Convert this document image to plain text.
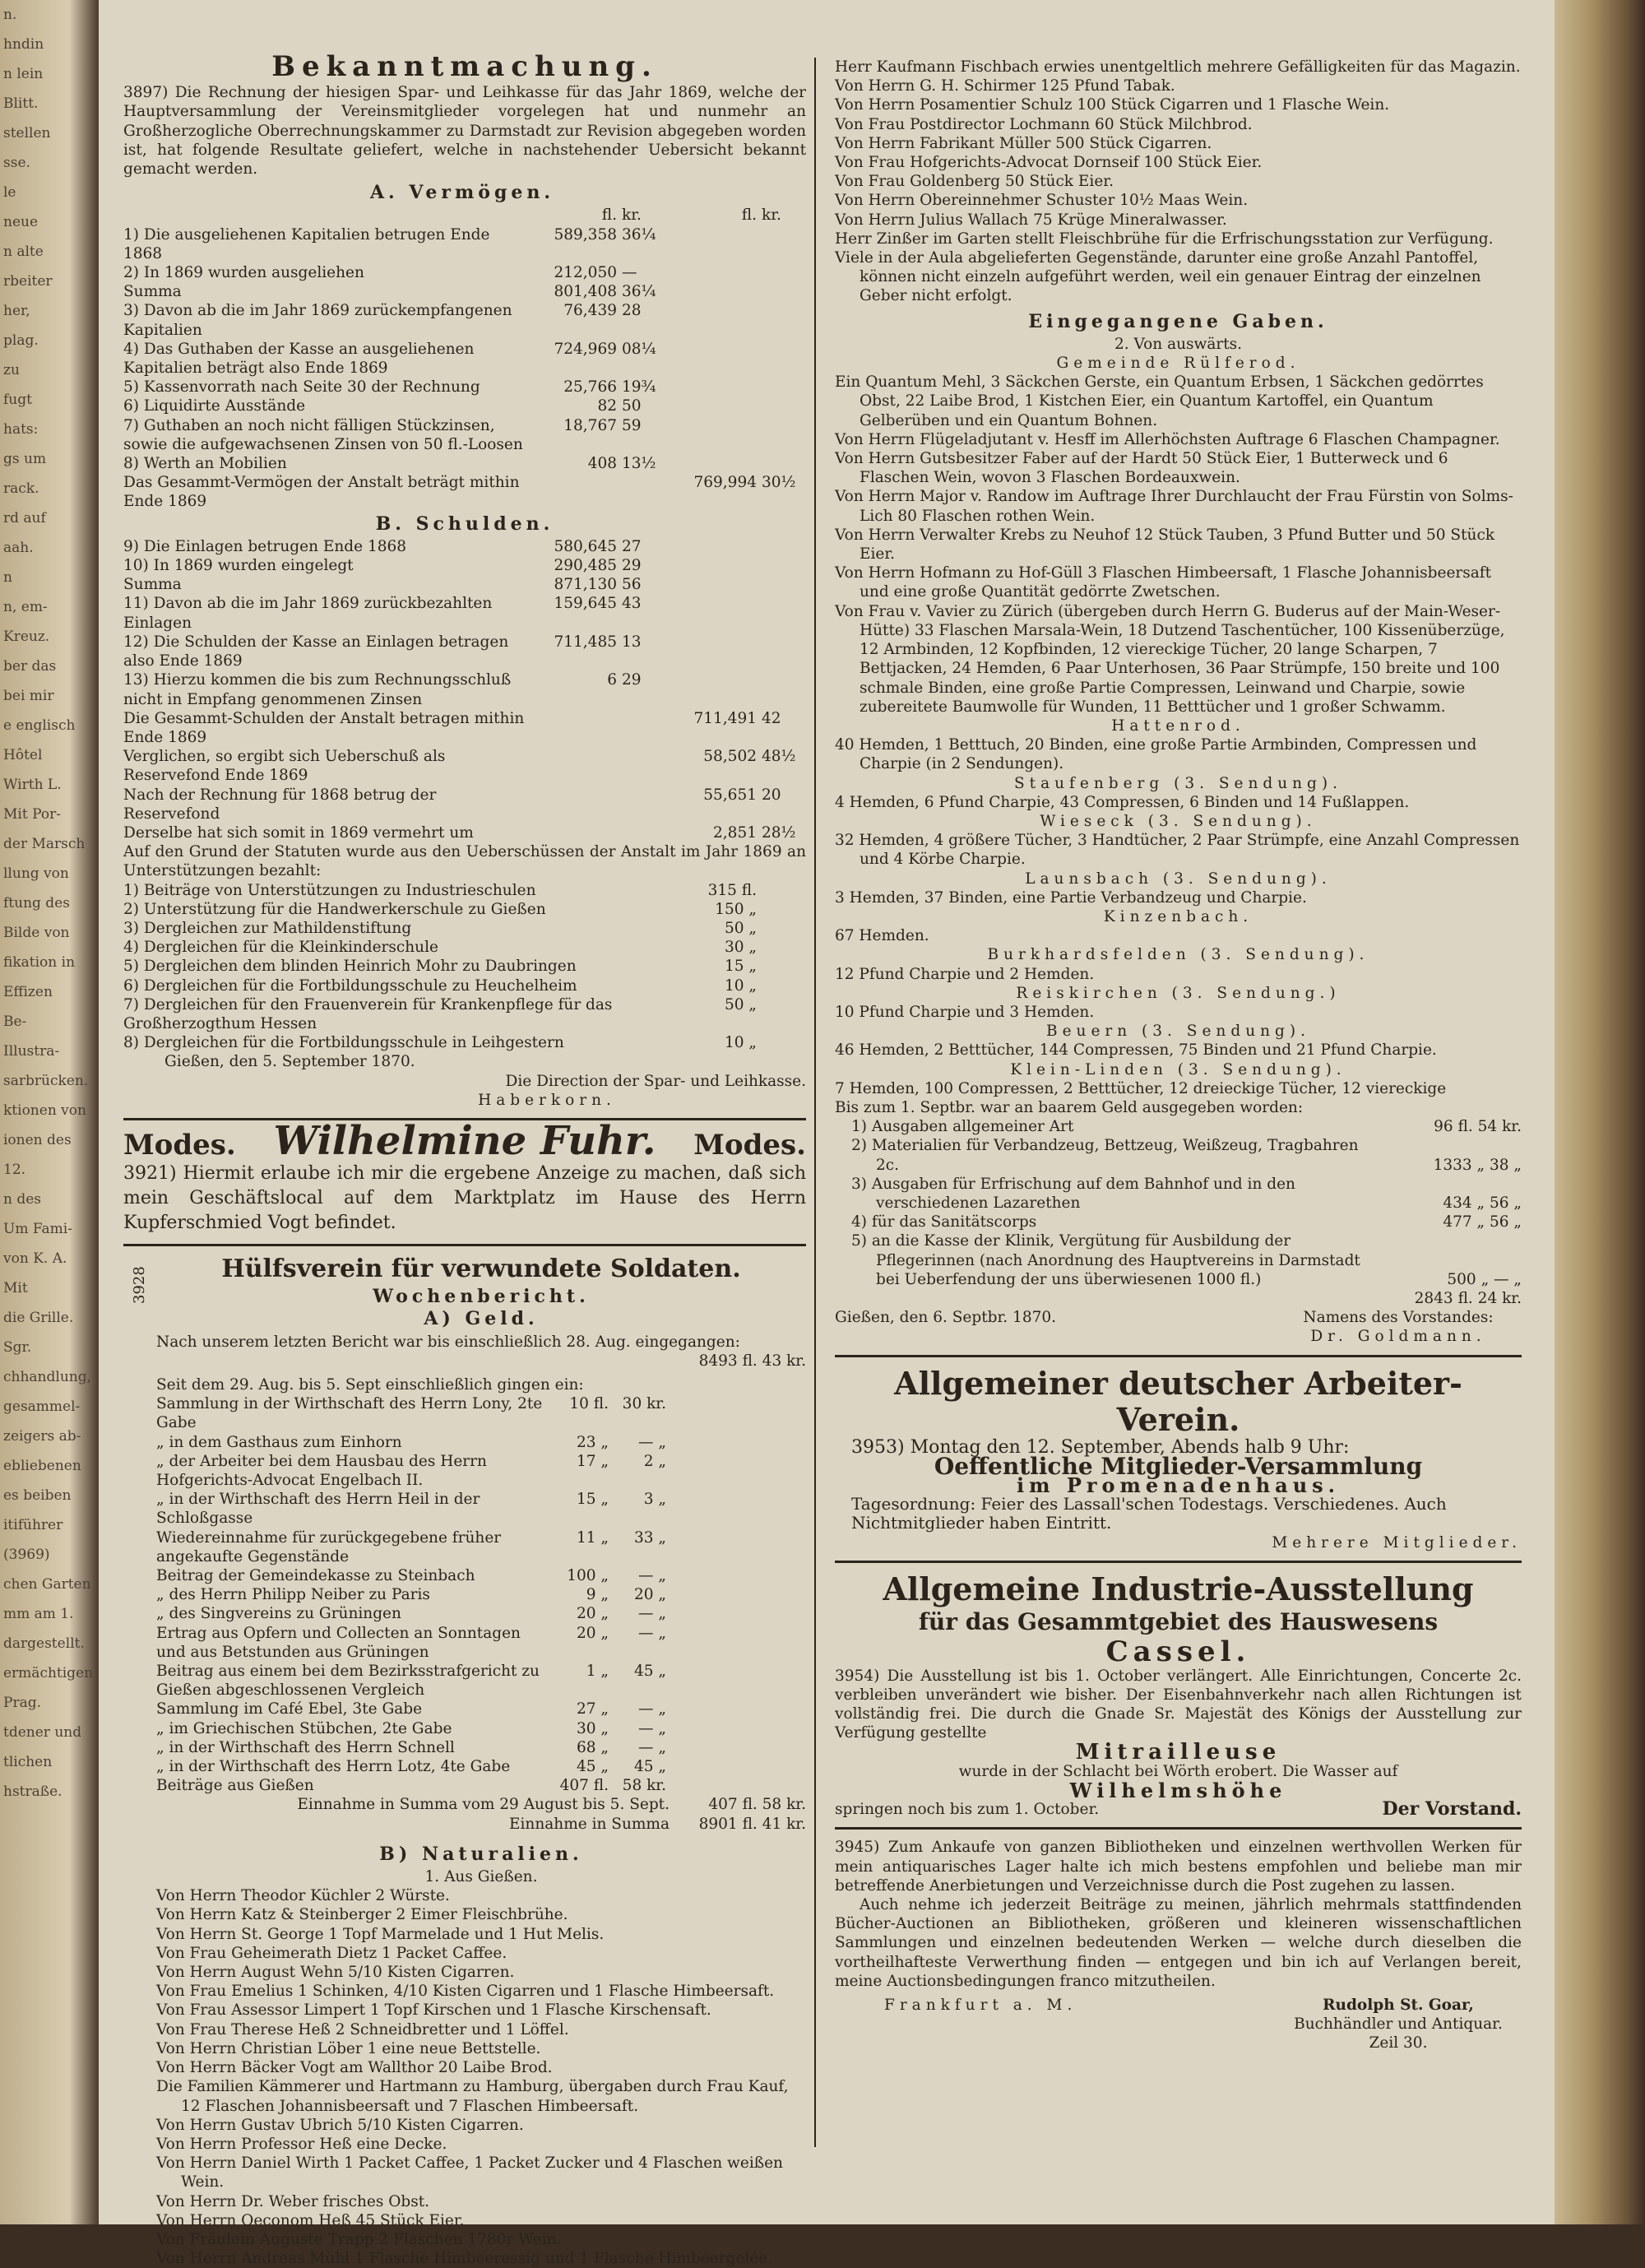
n.
hndin
n lein
Blitt.
stellen
sse.
le
neue
n alte
rbeiter
her,
plag.
zu
fugt
hats:
gs um
rack.
rd auf
aah.
n
n, em-
Kreuz.
ber das
bei mir
e englisch
Hôtel
Wirth L.
Mit Por-
der Marsch
llung von
ftung des
Bilde von
fikation in
Effizen
Be-
Illustra-
sarbrücken.
ktionen von
ionen des
12.
n des
Um Fami-
von K. A.
Mit
die Grille.
Sgr.
chhandlung,
gesammel-
zeigers ab-
ebliebenen
es beiben
itiführer
(3969)
chen Garten
mm am 1.
dargestellt.
ermächtigen
Prag.
tdener und
tlichen
hstraße.
Bekanntmachung.

3897) Die Rechnung der hiesigen Spar- und Leihkasse für das Jahr 1869, welche der Hauptversammlung der Vereinsmitglieder vorgelegen hat und nunmehr an Großherzogliche Oberrechnungskammer zu Darmstadt zur Revision abgegeben worden ist, hat folgende Resultate geliefert, welche in nachstehender Uebersicht bekannt gemacht werden.

A. Vermögen.
fl. kr.	fl. kr.
1) Die ausgeliehenen Kapitalien betrugen Ende 1868
589,358 36¼
2) In 1869 wurden ausgeliehen	212,050 —
Summa	801,408 36¼
3) Davon ab die im Jahr 1869 zurückempfangenen Kapitalien
76,439 28
4) Das Guthaben der Kasse an ausgeliehenen Kapitalien beträgt also Ende 1869
724,969 08¼
5) Kassenvorrath nach Seite 30 der Rechnung	25,766 19¾
6) Liquidirte Ausstände	82 50
7) Guthaben an noch nicht fälligen Stückzinsen, sowie die aufgewachsenen Zinsen von 50 fl.-Loosen
18,767 59
8) Werth an Mobilien	408 13½
Das Gesammt-Vermögen der Anstalt beträgt mithin Ende 1869
769,994 30½
B. Schulden.
9) Die Einlagen betrugen Ende 1868	580,645 27
10) In 1869 wurden eingelegt	290,485 29
Summa	871,130 56
11) Davon ab die im Jahr 1869 zurückbezahlten Einlagen
159,645 43
12) Die Schulden der Kasse an Einlagen betragen also Ende 1869
711,485 13
13) Hierzu kommen die bis zum Rechnungsschluß nicht in Empfang genommenen Zinsen
6 29
Die Gesammt-Schulden der Anstalt betragen mithin Ende 1869
711,491 42
Verglichen, so ergibt sich Ueberschuß als Reservefond Ende 1869
58,502 48½
Nach der Rechnung für 1868 betrug der Reservefond
55,651 20
Derselbe hat sich somit in 1869 vermehrt um	2,851 28½

Auf den Grund der Statuten wurde aus den Ueberschüssen der Anstalt im Jahr 1869 an Unterstützungen bezahlt:

1) Beiträge von Unterstützungen zu Industrieschulen	315 fl.
2) Unterstützung für die Handwerkerschule zu Gießen	150 „
3) Dergleichen zur Mathildenstiftung	50 „
4) Dergleichen für die Kleinkinderschule	30 „
5) Dergleichen dem blinden Heinrich Mohr zu Daubringen	15 „
6) Dergleichen für die Fortbildungsschule zu Heuchelheim	10 „
7) Dergleichen für den Frauenverein für Krankenpflege für das Großherzogthum Hessen
50 „
8) Dergleichen für die Fortbildungsschule in Leihgestern	10 „

Gießen, den 5. September 1870.

Die Direction der Spar- und Leihkasse.

Haberkorn.

Modes. Wilhelmine Fuhr. Modes.

3921) Hiermit erlaube ich mir die ergebene Anzeige zu machen, daß sich mein Geschäftslocal auf dem Marktplatz im Hause des Herrn Kupferschmied Vogt befindet.

3928	Hülfsverein für verwundete Soldaten.
Wochenbericht.
A) Geld.
Nach unserem letzten Bericht war bis einschließlich 28. Aug. eingegangen:

8493 fl. 43 kr.

Seit dem 29. Aug. bis 5. Sept einschließlich gingen ein:

Sammlung in der Wirthschaft des Herrn Lony, 2te Gabe
10 fl. 30 kr.
„ in dem Gasthaus zum Einhorn	23 „	— „
„ der Arbeiter bei dem Hausbau des Herrn Hofgerichts-Advocat Engelbach II.
17 „	2 „
„ in der Wirthschaft des Herrn Heil in der Schloßgasse
15 „	3 „
Wiedereinnahme für zurückgegebene früher angekaufte Gegenstände
11 „	33 „
Beitrag der Gemeindekasse zu Steinbach	100 „	— „
„ des Herrn Philipp Neiber zu Paris	9 „	20 „
„ des Singvereins zu Grüningen	20 „	— „
Ertrag aus Opfern und Collecten an Sonntagen und aus Betstunden aus Grüningen
20 „	— „
Beitrag aus einem bei dem Bezirksstrafgericht zu Gießen abgeschlossenen Vergleich
1 „	45 „
Sammlung im Café Ebel, 3te Gabe	27 „	— „
„ im Griechischen Stübchen, 2te Gabe	30 „	— „
„ in der Wirthschaft des Herrn Schnell	68 „	— „
„ in der Wirthschaft des Herrn Lotz, 4te Gabe	45 „	45 „
Beiträge aus Gießen	407 fl. 58 kr.
Einnahme in Summa vom 29 August bis 5. Sept.	407 fl. 58 kr.
Einnahme in Summa	8901 fl. 41 kr.
B) Naturalien.
1. Aus Gießen.

Von Herrn Theodor Küchler 2 Würste.

Von Herrn Katz & Steinberger 2 Eimer Fleischbrühe.

Von Herrn St. George 1 Topf Marmelade und 1 Hut Melis.

Von Frau Geheimerath Dietz 1 Packet Caffee.

Von Herrn August Wehn 5/10 Kisten Cigarren.

Von Frau Emelius 1 Schinken, 4/10 Kisten Cigarren und 1 Flasche Himbeersaft.

Von Frau Assessor Limpert 1 Topf Kirschen und 1 Flasche Kirschensaft.

Von Frau Therese Heß 2 Schneidbretter und 1 Löffel.

Von Herrn Christian Löber 1 eine neue Bettstelle.

Von Herrn Bäcker Vogt am Wallthor 20 Laibe Brod.

Die Familien Kämmerer und Hartmann zu Hamburg, übergaben durch Frau Kauf, 12 Flaschen Johannisbeersaft und 7 Flaschen Himbeersaft.

Von Herrn Gustav Ubrich 5/10 Kisten Cigarren.

Von Herrn Professor Heß eine Decke.

Von Herrn Daniel Wirth 1 Packet Caffee, 1 Packet Zucker und 4 Flaschen weißen Wein.

Von Herrn Dr. Weber frisches Obst.

Von Herrn Oeconom Heß 45 Stück Eier.

Von Fräulein Auguste Trapp 2 Flaschen 1780r Wein.

Von Herrn Andreas Mühl 1 Flasche Himbeeressig und 1 Flasche Himbeergelée.

Herr Kaufmann Fischbach erwies unentgeltlich mehrere Gefälligkeiten für das Magazin.

Von Herrn G. H. Schirmer 125 Pfund Tabak.

Von Herrn Posamentier Schulz 100 Stück Cigarren und 1 Flasche Wein.

Von Frau Postdirector Lochmann 60 Stück Milchbrod.

Von Herrn Fabrikant Müller 500 Stück Cigarren.

Von Frau Hofgerichts-Advocat Dornseif 100 Stück Eier.

Von Frau Goldenberg 50 Stück Eier.

Von Herrn Obereinnehmer Schuster 10½ Maas Wein.

Von Herrn Julius Wallach 75 Krüge Mineralwasser.

Herr Zinßer im Garten stellt Fleischbrühe für die Erfrischungsstation zur Verfügung.

Viele in der Aula abgelieferten Gegenstände, darunter eine große Anzahl Pantoffel, können nicht einzeln aufgeführt werden, weil ein genauer Eintrag der einzelnen Geber nicht erfolgt.

Eingegangene Gaben.
2. Von auswärts.
Gemeinde Rülferod.

Ein Quantum Mehl, 3 Säckchen Gerste, ein Quantum Erbsen, 1 Säckchen gedörrtes Obst, 22 Laibe Brod, 1 Kistchen Eier, ein Quantum Kartoffel, ein Quantum Gelberüben und ein Quantum Bohnen.

Von Herrn Flügeladjutant v. Hesff im Allerhöchsten Auftrage 6 Flaschen Champagner.

Von Herrn Gutsbesitzer Faber auf der Hardt 50 Stück Eier, 1 Butterweck und 6 Flaschen Wein, wovon 3 Flaschen Bordeauxwein.

Von Herrn Major v. Randow im Auftrage Ihrer Durchlaucht der Frau Fürstin von Solms-Lich 80 Flaschen rothen Wein.

Von Herrn Verwalter Krebs zu Neuhof 12 Stück Tauben, 3 Pfund Butter und 50 Stück Eier.

Von Herrn Hofmann zu Hof-Güll 3 Flaschen Himbeersaft, 1 Flasche Johannisbeersaft und eine große Quantität gedörrte Zwetschen.

Von Frau v. Vavier zu Zürich (übergeben durch Herrn G. Buderus auf der Main-Weser-Hütte) 33 Flaschen Marsala-Wein, 18 Dutzend Taschentücher, 100 Kissenüberzüge, 12 Armbinden, 12 Kopfbinden, 12 viereckige Tücher, 20 lange Scharpen, 7 Bettjacken, 24 Hemden, 6 Paar Unterhosen, 36 Paar Strümpfe, 150 breite und 100 schmale Binden, eine große Partie Compressen, Leinwand und Charpie, sowie zubereitete Baumwolle für Wunden, 11 Betttücher und 1 großer Schwamm.

Hattenrod.

40 Hemden, 1 Betttuch, 20 Binden, eine große Partie Armbinden, Compressen und Charpie (in 2 Sendungen).

Staufenberg (3. Sendung).

4 Hemden, 6 Pfund Charpie, 43 Compressen, 6 Binden und 14 Fußlappen.

Wieseck (3. Sendung).

32 Hemden, 4 größere Tücher, 3 Handtücher, 2 Paar Strümpfe, eine Anzahl Compressen und 4 Körbe Charpie.

Launsbach (3. Sendung).

3 Hemden, 37 Binden, eine Partie Verbandzeug und Charpie.

Kinzenbach.

67 Hemden.

Burkhardsfelden (3. Sendung).

12 Pfund Charpie und 2 Hemden.

Reiskirchen (3. Sendung.)

10 Pfund Charpie und 3 Hemden.

Beuern (3. Sendung).

46 Hemden, 2 Betttücher, 144 Compressen, 75 Binden und 21 Pfund Charpie.

Klein-Linden (3. Sendung).

7 Hemden, 100 Compressen, 2 Betttücher, 12 dreieckige Tücher, 12 viereckige

Bis zum 1. Septbr. war an baarem Geld ausgegeben worden:

1) Ausgaben allgemeiner Art	96 fl. 54 kr.
2) Materialien für Verbandzeug, Bettzeug, Weißzeug, Tragbahren 2c.	1333 „ 38 „
3) Ausgaben für Erfrischung auf dem Bahnhof und in den verschiedenen Lazarethen	434 „ 56 „
4) für das Sanitätscorps	477 „ 56 „
5) an die Kasse der Klinik, Vergütung für Ausbildung der Pflegerinnen (nach Anordnung des Hauptvereins in Darmstadt bei Ueberfendung der uns überwiesenen 1000 fl.)	500 „ — „

2843 fl. 24 kr.

Gießen, den 6. Septbr. 1870.	Namens des Vorstandes:
Dr. Goldmann.
Allgemeiner deutscher Arbeiter-Verein.

3953) Montag den 12. September, Abends halb 9 Uhr:

Oeffentliche Mitglieder-Versammlung
im Promenadenhaus.

Tagesordnung: Feier des Lassall'schen Todestags. Verschiedenes. Auch Nichtmitglieder haben Eintritt.

Mehrere Mitglieder.

Allgemeine Industrie-Ausstellung
für das Gesammtgebiet des Hauswesens
Cassel.

3954) Die Ausstellung ist bis 1. October verlängert. Alle Einrichtungen, Concerte 2c. verbleiben unverändert wie bisher. Der Eisenbahnverkehr nach allen Richtungen ist vollständig frei. Die durch die Gnade Sr. Majestät des Königs der Ausstellung zur Verfügung gestellte

Mitrailleuse

wurde in der Schlacht bei Wörth erobert. Die Wasser auf

Wilhelmshöhe
springen noch bis zum 1. October.	Der Vorstand.

3945) Zum Ankaufe von ganzen Bibliotheken und einzelnen werthvollen Werken für mein antiquarisches Lager halte ich mich bestens empfohlen und beliebe man mir betreffende Anerbietungen und Verzeichnisse durch die Post zugehen zu lassen.

Auch nehme ich jederzeit Beiträge zu meinen, jährlich mehrmals stattfindenden Bücher-Auctionen an Bibliotheken, größeren und kleineren wissenschaftlichen Sammlungen und einzelnen bedeutenden Werken — welche durch dieselben die vortheilhafteste Verwerthung finden — entgegen und bin ich auf Verlangen bereit, meine Auctionsbedingungen franco mitzutheilen.

Frankfurt a. M.	Rudolph St. Goar,
Buchhändler und Antiquar.
Zeil 30.
